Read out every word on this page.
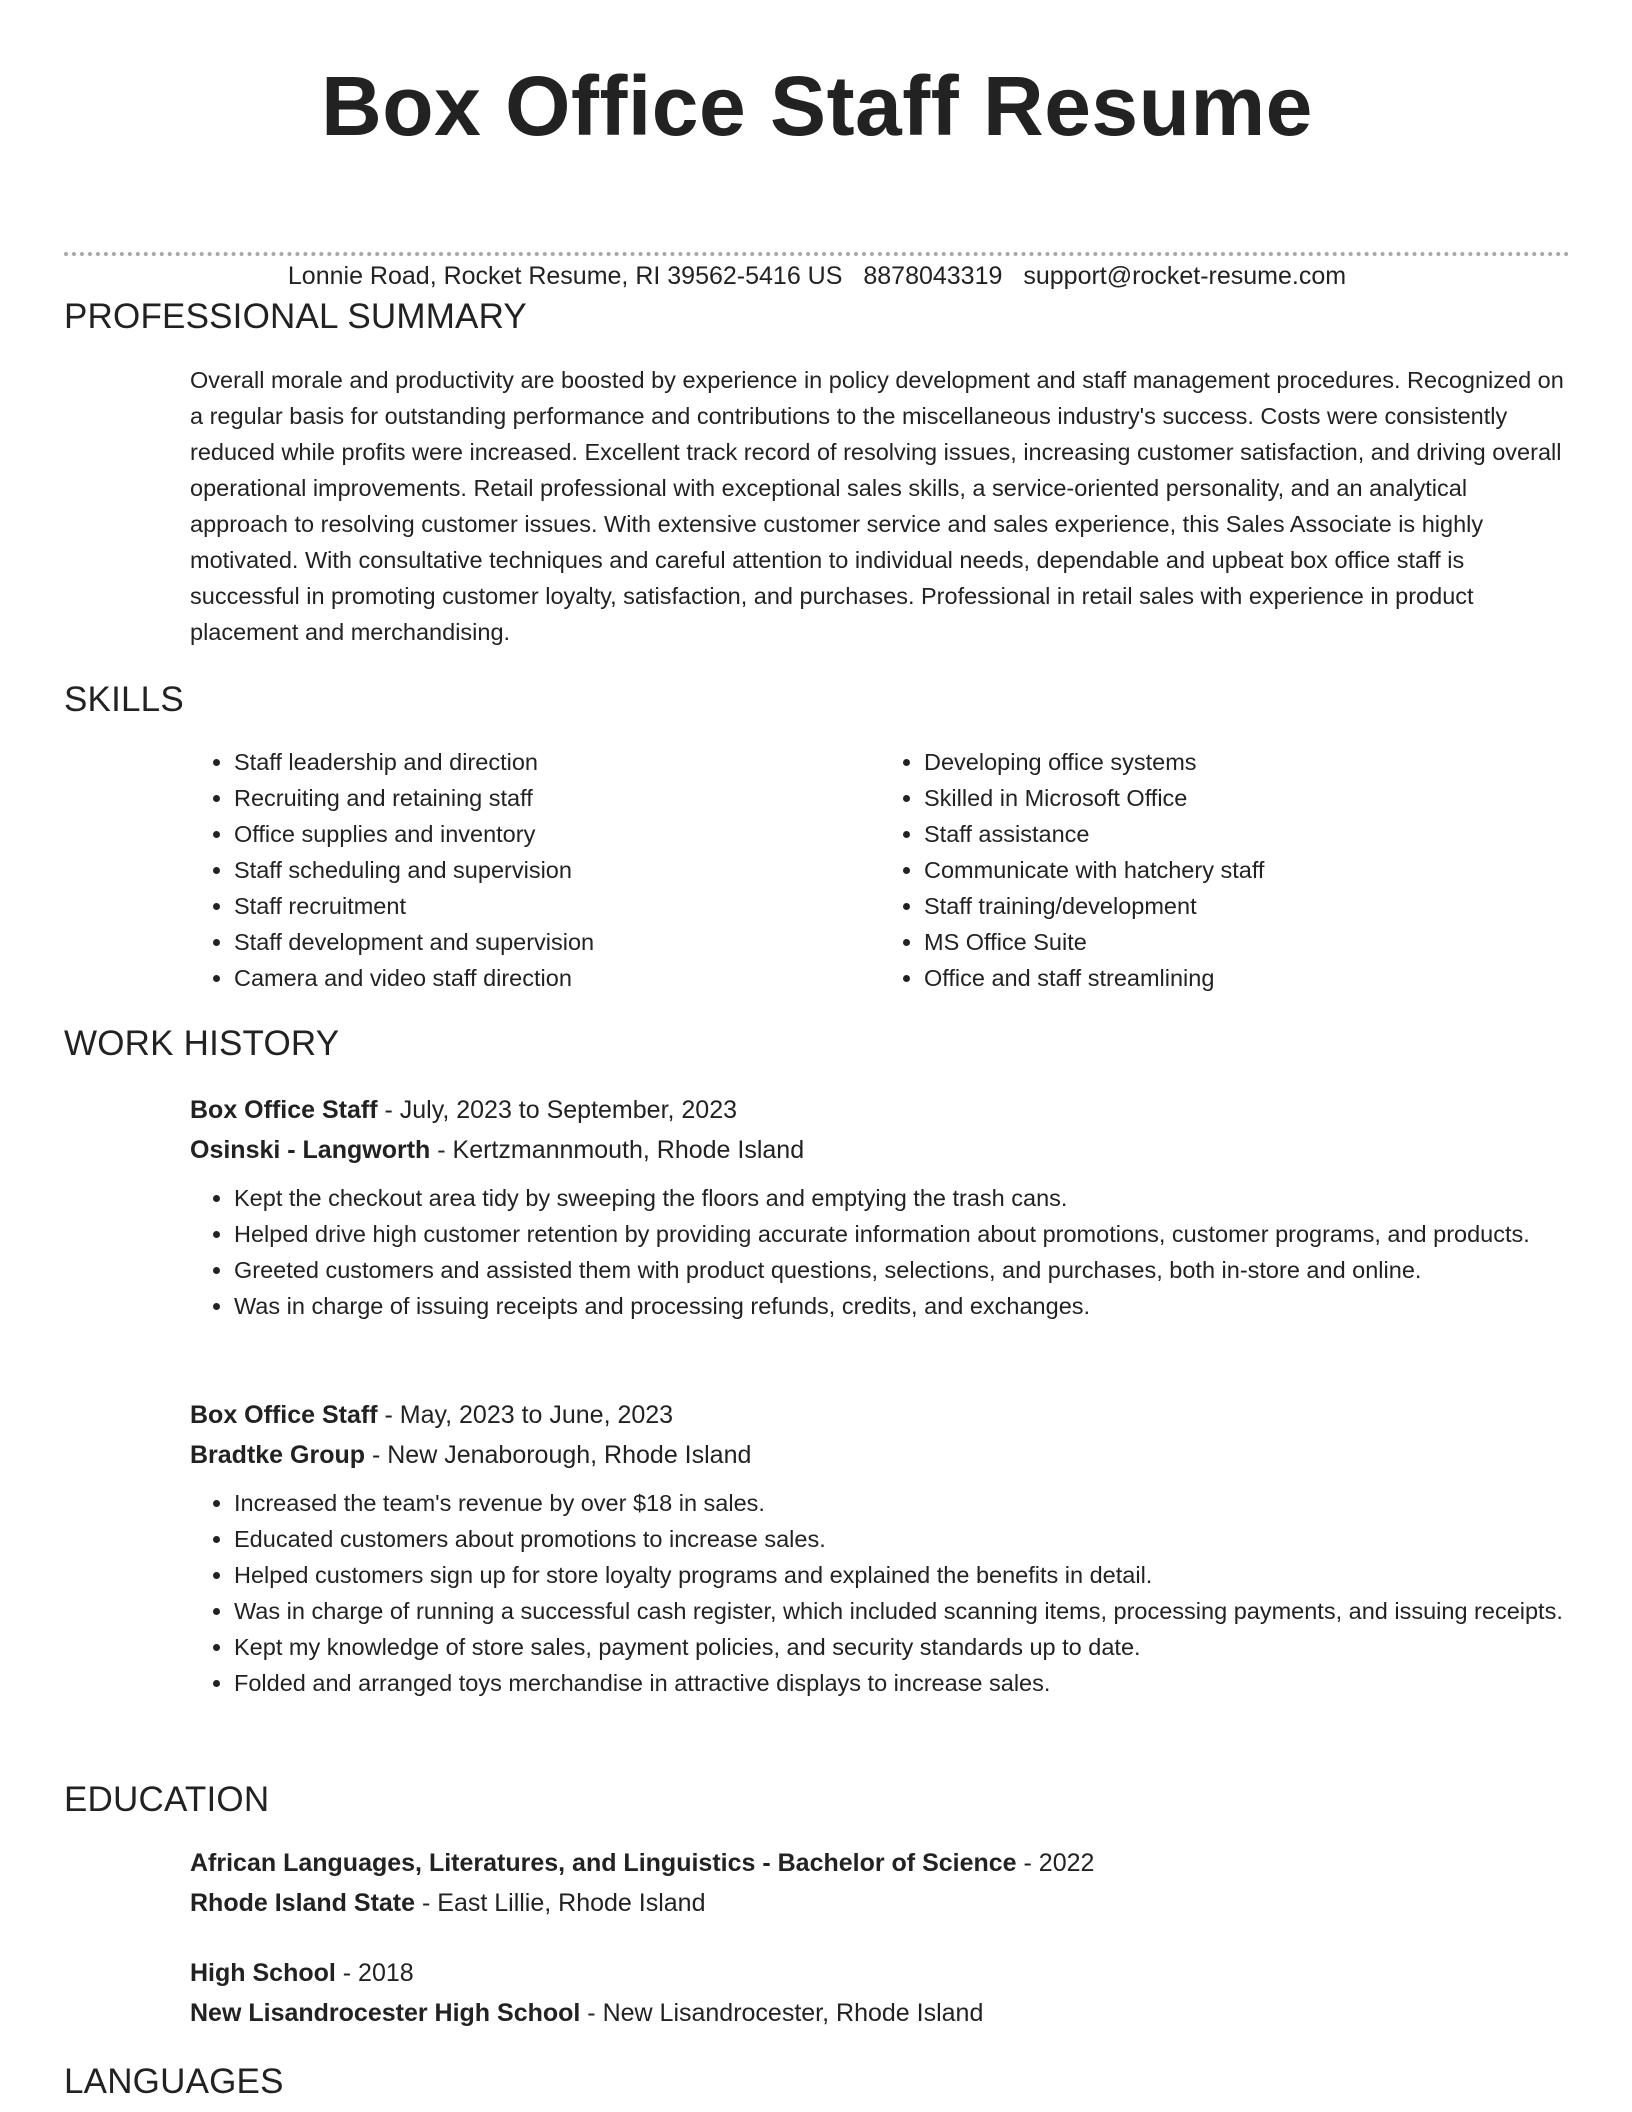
Box Office Staff Resume
Lonnie Road, Rocket Resume, RI 39562-5416 US 8878043319 support@rocket-resume.com
PROFESSIONAL SUMMARY

Overall morale and productivity are boosted by experience in policy development and staff management procedures. Recognized on a regular basis for outstanding performance and contributions to the miscellaneous industry's success. Costs were consistently reduced while profits were increased. Excellent track record of resolving issues, increasing customer satisfaction, and driving overall operational improvements. Retail professional with exceptional sales skills, a service-oriented personality, and an analytical approach to resolving customer issues. With extensive customer service and sales experience, this Sales Associate is highly motivated. With consultative techniques and careful attention to individual needs, dependable and upbeat box office staff is successful in promoting customer loyalty, satisfaction, and purchases. Professional in retail sales with experience in product placement and merchandising.

SKILLS
• Staff leadership and direction
• Recruiting and retaining staff
• Office supplies and inventory
• Staff scheduling and supervision
• Staff recruitment
• Staff development and supervision
• Camera and video staff direction
• Developing office systems
• Skilled in Microsoft Office
• Staff assistance
• Communicate with hatchery staff
• Staff training/development
• MS Office Suite
• Office and staff streamlining
WORK HISTORY
Box Office Staff - July, 2023 to September, 2023
Osinski - Langworth - Kertzmannmouth, Rhode Island
• Kept the checkout area tidy by sweeping the floors and emptying the trash cans.
• Helped drive high customer retention by providing accurate information about promotions, customer programs, and products.
• Greeted customers and assisted them with product questions, selections, and purchases, both in-store and online.
• Was in charge of issuing receipts and processing refunds, credits, and exchanges.
Box Office Staff - May, 2023 to June, 2023
Bradtke Group - New Jenaborough, Rhode Island
• Increased the team's revenue by over $18 in sales.
• Educated customers about promotions to increase sales.
• Helped customers sign up for store loyalty programs and explained the benefits in detail.
• Was in charge of running a successful cash register, which included scanning items, processing payments, and issuing receipts.
• Kept my knowledge of store sales, payment policies, and security standards up to date.
• Folded and arranged toys merchandise in attractive displays to increase sales.
EDUCATION
African Languages, Literatures, and Linguistics - Bachelor of Science - 2022
Rhode Island State - East Lillie, Rhode Island
High School - 2018
New Lisandrocester High School - New Lisandrocester, Rhode Island
LANGUAGES
